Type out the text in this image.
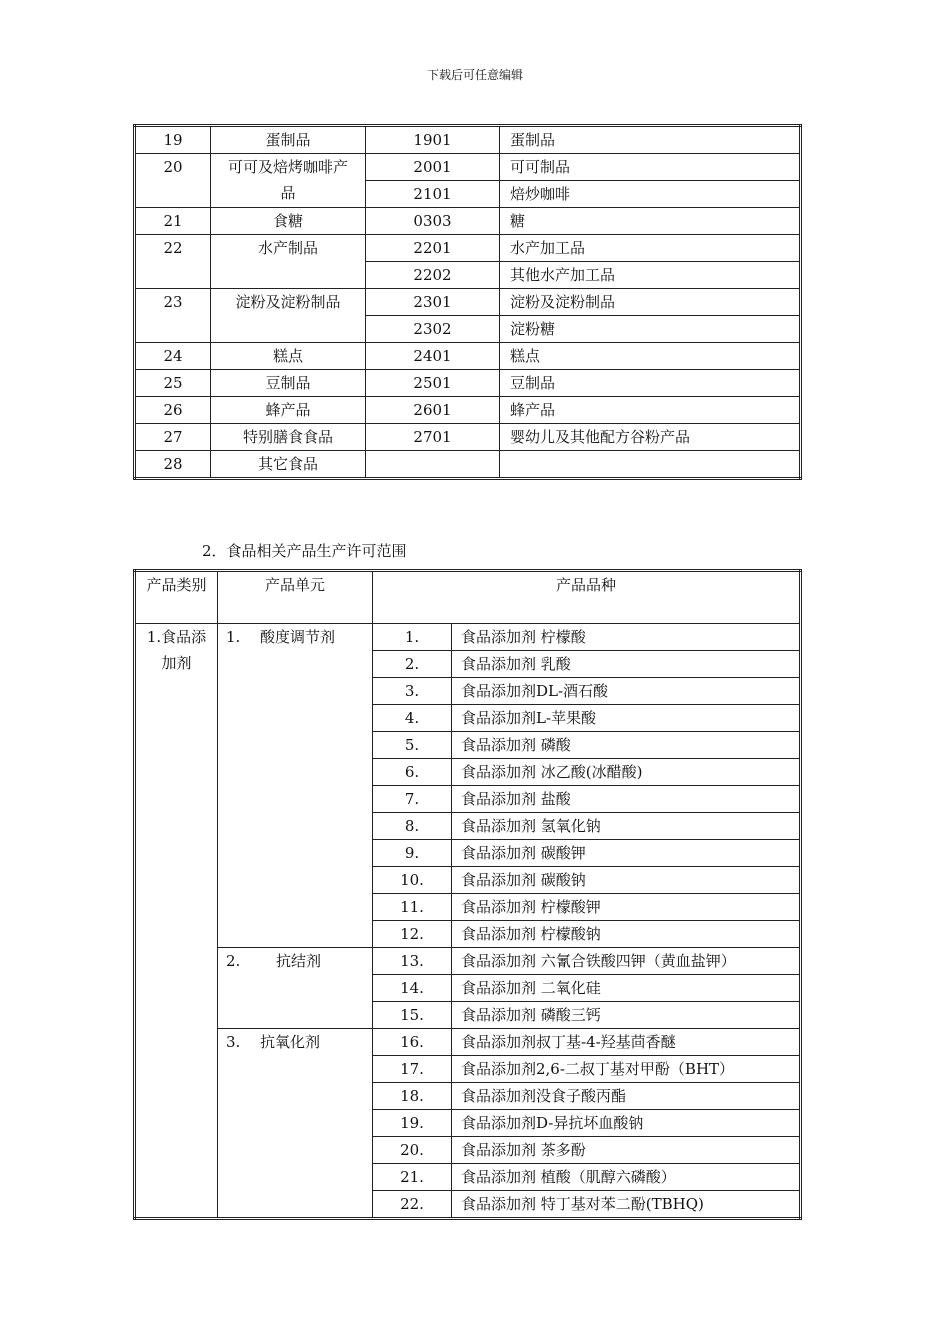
下载后可任意编辑
19	蛋制品	1901	蛋制品
20	可可及焙烤咖啡产品	2001	可可制品
		2101	焙炒咖啡
21	食糖	0303	糖
22	水产制品	2201	水产加工品
		2202	其他水产加工品
23	淀粉及淀粉制品	2301	淀粉及淀粉制品
		2302	淀粉糖
24	糕点	2401	糕点
25	豆制品	2501	豆制品
26	蜂产品	2601	蜂产品
27	特别膳食食品	2701	婴幼儿及其他配方谷粉产品
28	其它食品		
2．食品相关产品生产许可范围
产品类别	产品单元	产品品种	
1.食品添加剂	1. 酸度调节剂	1.	食品添加剂 柠檬酸
		2.	食品添加剂 乳酸
		3.	食品添加剂DL-酒石酸
		4.	食品添加剂L-苹果酸
		5.	食品添加剂 磷酸
		6.	食品添加剂 冰乙酸(冰醋酸)
		7.	食品添加剂 盐酸
		8.	食品添加剂 氢氧化钠
		9.	食品添加剂 碳酸钾
		10.	食品添加剂 碳酸钠
		11.	食品添加剂 柠檬酸钾
		12.	食品添加剂 柠檬酸钠
	2. 抗结剂	13.	食品添加剂 六氰合铁酸四钾（黄血盐钾）
		14.	食品添加剂 二氧化硅
		15.	食品添加剂 磷酸三钙
	3. 抗氧化剂	16.	食品添加剂叔丁基-4-羟基茴香醚
		17.	食品添加剂2,6-二叔丁基对甲酚（BHT）
		18.	食品添加剂没食子酸丙酯
		19.	食品添加剂D-异抗坏血酸钠
		20.	食品添加剂 茶多酚
		21.	食品添加剂 植酸（肌醇六磷酸）
		22.	食品添加剂 特丁基对苯二酚(TBHQ)
